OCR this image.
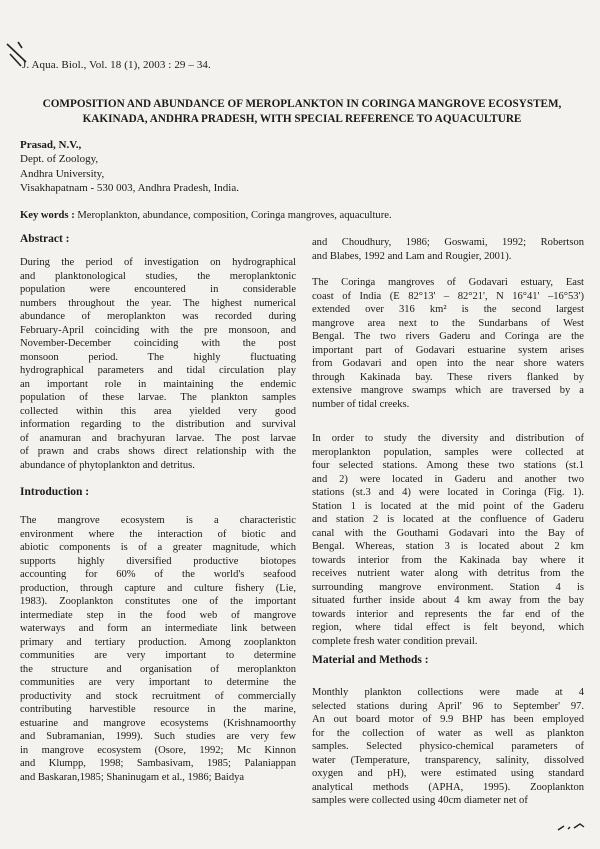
J. Aqua. Biol., Vol. 18 (1), 2003 : 29 – 34.
COMPOSITION AND ABUNDANCE OF MEROPLANKTON IN CORINGA MANGROVE ECOSYSTEM,
KAKINADA, ANDHRA PRADESH, WITH SPECIAL REFERENCE TO AQUACULTURE
Prasad, N.V.,
Dept. of Zoology,
Andhra University,
Visakhapatnam - 530 003, Andhra Pradesh, India.
Key words : Meroplankton, abundance, composition, Coringa mangroves, aquaculture.
Abstract :
During the period of investigation on hydrographical
and planktonological studies, the meroplanktonic
population were encountered in considerable
numbers throughout the year. The highest numerical
abundance of meroplankton was recorded during
February-April coinciding with the pre monsoon, and
November-December coinciding with the post
monsoon period. The highly fluctuating
hydrographical parameters and tidal circulation play
an important role in maintaining the endemic
population of these larvae. The plankton samples
collected within this area yielded very good
information regarding to the distribution and survival
of anamuran and brachyuran larvae. The post larvae
of prawn and crabs shows direct relationship with the
abundance of phytoplankton and detritus.
Introduction :
The mangrove ecosystem is a characteristic
environment where the interaction of biotic and
abiotic components is of a greater magnitude, which
supports highly diversified productive biotopes
accounting for 60% of the world's seafood
production, through capture and culture fishery (Lie,
1983). Zooplankton constitutes one of the important
intermediate step in the food web of mangrove
waterways and form an intermediate link between
primary and tertiary production. Among zooplankton
communities are very important to determine
the structure and organisation of meroplankton
communities are very important to determine the
productivity and stock recruitment of commercially
contributing harvestible resource in the marine,
estuarine and mangrove ecosystems (Krishnamoorthy
and Subramanian, 1999). Such studies are very few
in mangrove ecosystem (Osore, 1992; Mc Kinnon
and Klumpp, 1998; Sambasivam, 1985; Palaniappan
and Baskaran,1985; Shaninugam et al., 1986; Baidya
and Choudhury, 1986; Goswami, 1992; Robertson
and Blabes, 1992 and Lam and Rougier, 2001).
The Coringa mangroves of Godavari estuary, East
coast of India (E 82°13' – 82°21', N 16°41' –16°53')
extended over 316 km² is the second largest
mangrove area next to the Sundarbans of West
Bengal. The two rivers Gaderu and Coringa are the
important part of Godavari estuarine system arises
from Godavari and open into the near shore waters
through Kakinada bay. These rivers flanked by
extensive mangrove swamps which are traversed by a
number of tidal creeks.
In order to study the diversity and distribution of
meroplankton population, samples were collected at
four selected stations. Among these two stations (st.1
and 2) were located in Gaderu and another two
stations (st.3 and 4) were located in Coringa (Fig. 1).
Station 1 is located at the mid point of the Gaderu
and station 2 is located at the confluence of Gaderu
canal with the Gouthami Godavari into the Bay of
Bengal. Whereas, station 3 is located about 2 km
towards interior from the Kakinada bay where it
receives nutrient water along with detritus from the
surrounding mangrove environment. Station 4 is
situated further inside about 4 km away from the bay
towards interior and represents the far end of the
region, where tidal effect is felt beyond, which
complete fresh water condition prevail.
Material and Methods :
Monthly plankton collections were made at 4
selected stations during April' 96 to September' 97.
An out board motor of 9.9 BHP has been employed
for the collection of water as well as plankton
samples. Selected physico-chemical parameters of
water (Temperature, transparency, salinity, dissolved
oxygen and pH), were estimated using standard
analytical methods (APHA, 1995). Zooplankton
samples were collected using 40cm diameter net of
